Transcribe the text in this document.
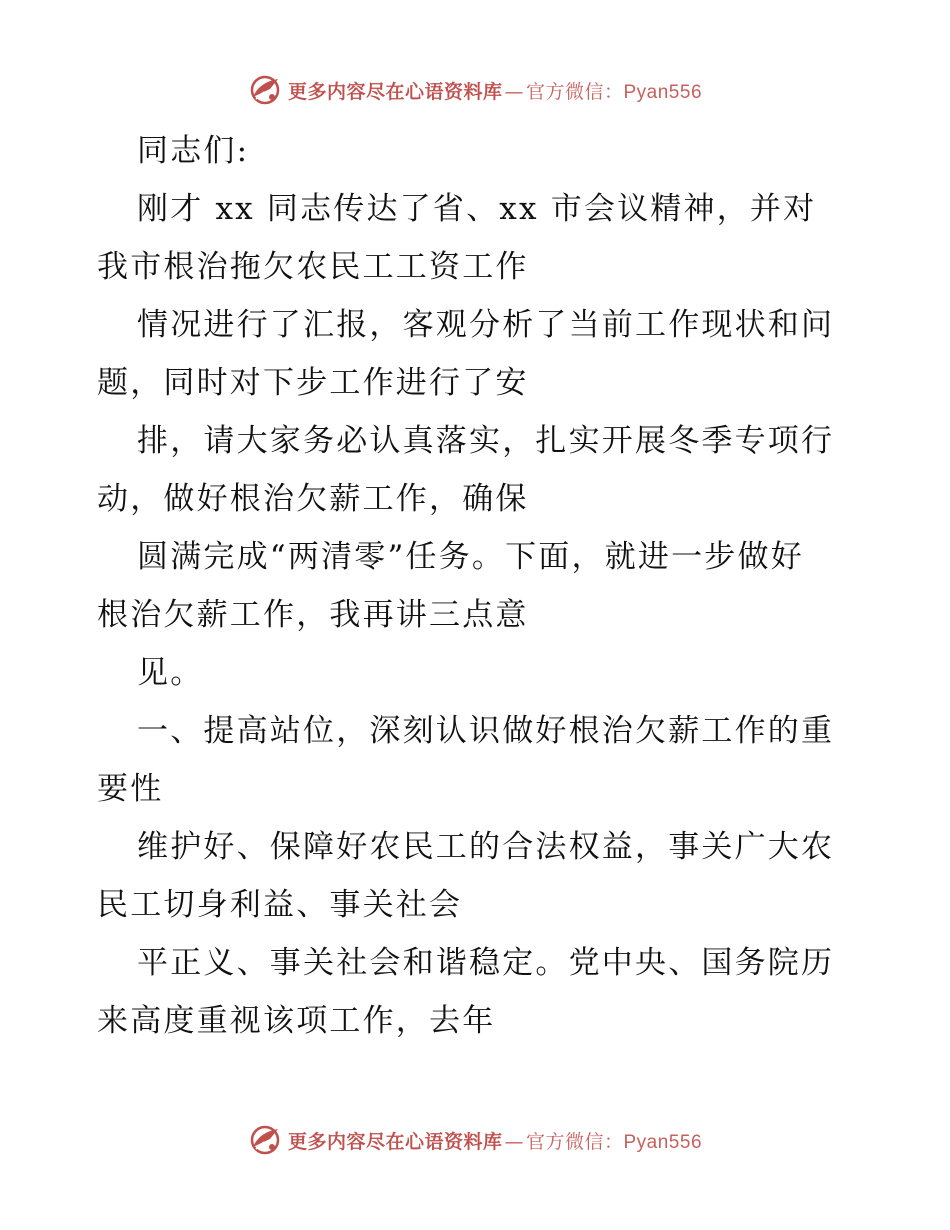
更多内容尽在心语资料库 — 官方微信：Pyan556
同志们:
刚才 xx 同志传达了省、xx 市会议精神，并对
我市根治拖欠农民工工资工作
情况进行了汇报，客观分析了当前工作现状和问
题，同时对下步工作进行了安
排，请大家务必认真落实，扎实开展冬季专项行
动，做好根治欠薪工作，确保
圆满完成“两清零”任务。下面，就进一步做好
根治欠薪工作，我再讲三点意
见。
一、提高站位，深刻认识做好根治欠薪工作的重
要性
维护好、保障好农民工的合法权益，事关广大农
民工切身利益、事关社会
平正义、事关社会和谐稳定。党中央、国务院历
来高度重视该项工作，去年
更多内容尽在心语资料库 — 官方微信：Pyan556
